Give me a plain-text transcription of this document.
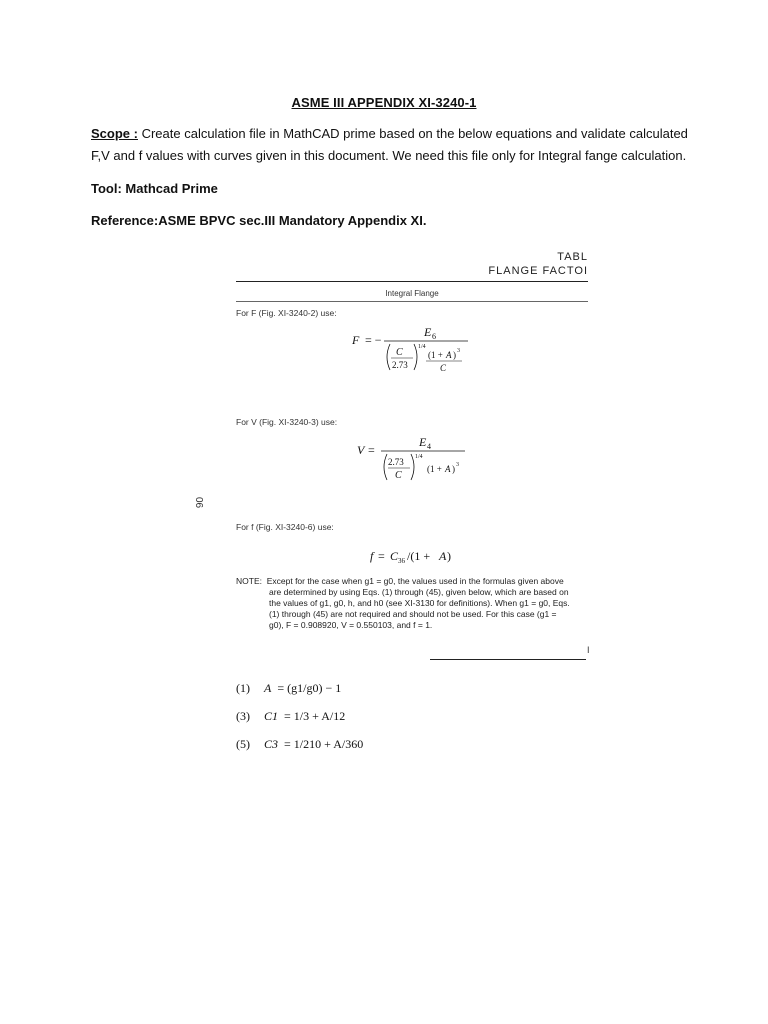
ASME III APPENDIX XI-3240-1
Scope : Create calculation file in MathCAD prime based on the below equations and validate calculated
F,V and f values with curves given in this document. We need this file only for Integral fange calculation.
Tool: Mathcad Prime
Reference:ASME BPVC sec.III Mandatory Appendix XI.
TABL
FLANGE FACTOI
Integral Flange
For F (Fig. XI-3240-2) use:
F = −
E 6
C
2.73
1/4
(1 + A ) 3
C
For V (Fig. XI-3240-3) use:
V =
E 4
2.73
C
1/4
(1 + A ) 3
06
For f (Fig. XI-3240-6) use:
f = C 36 /(1 + A )
NOTE: Except for the case when g1 = g0, the values used in the formulas given above
are determined by using Eqs. (1) through (45), given below, which are based on
the values of g1, g0, h, and h0 (see XI-3130 for definitions). When g1 = g0, Eqs.
(1) through (45) are not required and should not be used. For this case (g1 =
g0), F = 0.908920, V = 0.550103, and f = 1.
I
(1) A = (g1/g0) − 1
(3) C1 = 1/3 + A/12
(5) C3 = 1/210 + A/360
